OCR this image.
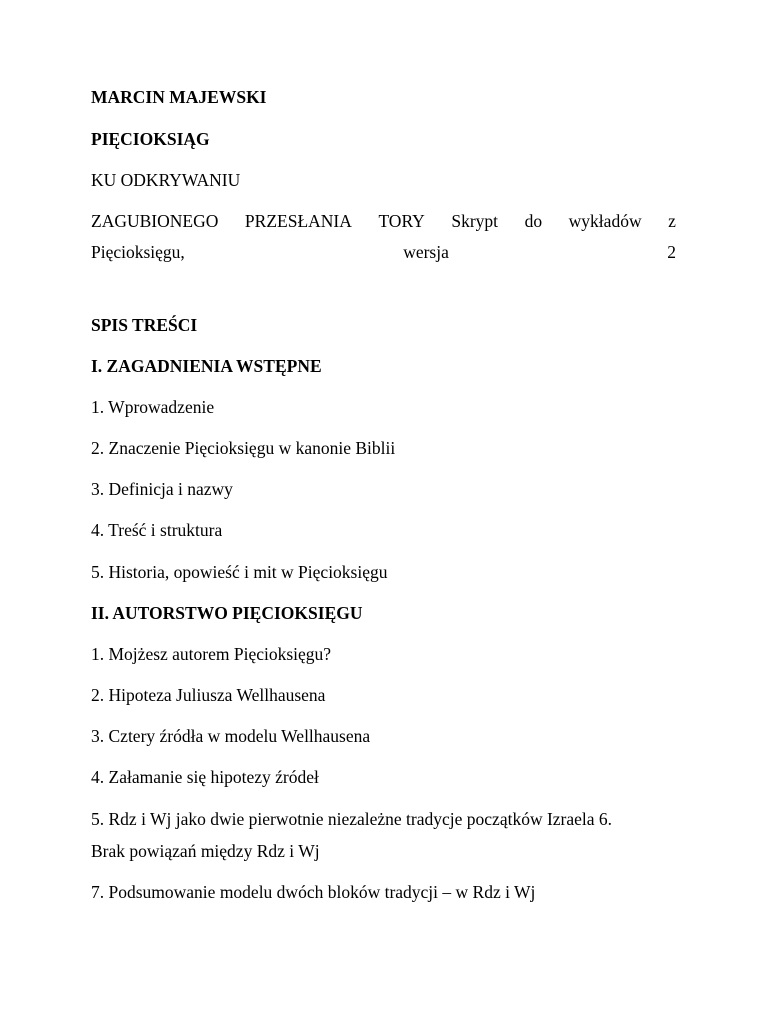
MARCIN MAJEWSKI
PIĘCIOKSIĄG
KU ODKRYWANIU
ZAGUBIONEGO PRZESŁANIA TORY Skrypt do wykładów z
Pięcioksięgu,	wersja	2
SPIS TREŚCI
I. ZAGADNIENIA WSTĘPNE
1. Wprowadzenie
2. Znaczenie Pięcioksięgu w kanonie Biblii
3. Definicja i nazwy
4. Treść i struktura
5. Historia, opowieść i mit w Pięcioksięgu
II. AUTORSTWO PIĘCIOKSIĘGU
1. Mojżesz autorem Pięcioksięgu?
2. Hipoteza Juliusza Wellhausena
3. Cztery źródła w modelu Wellhausena
4. Załamanie się hipotezy źródeł
5. Rdz i Wj jako dwie pierwotnie niezależne tradycje początków Izraela 6.
Brak powiązań między Rdz i Wj
7. Podsumowanie modelu dwóch bloków tradycji – w Rdz i Wj
